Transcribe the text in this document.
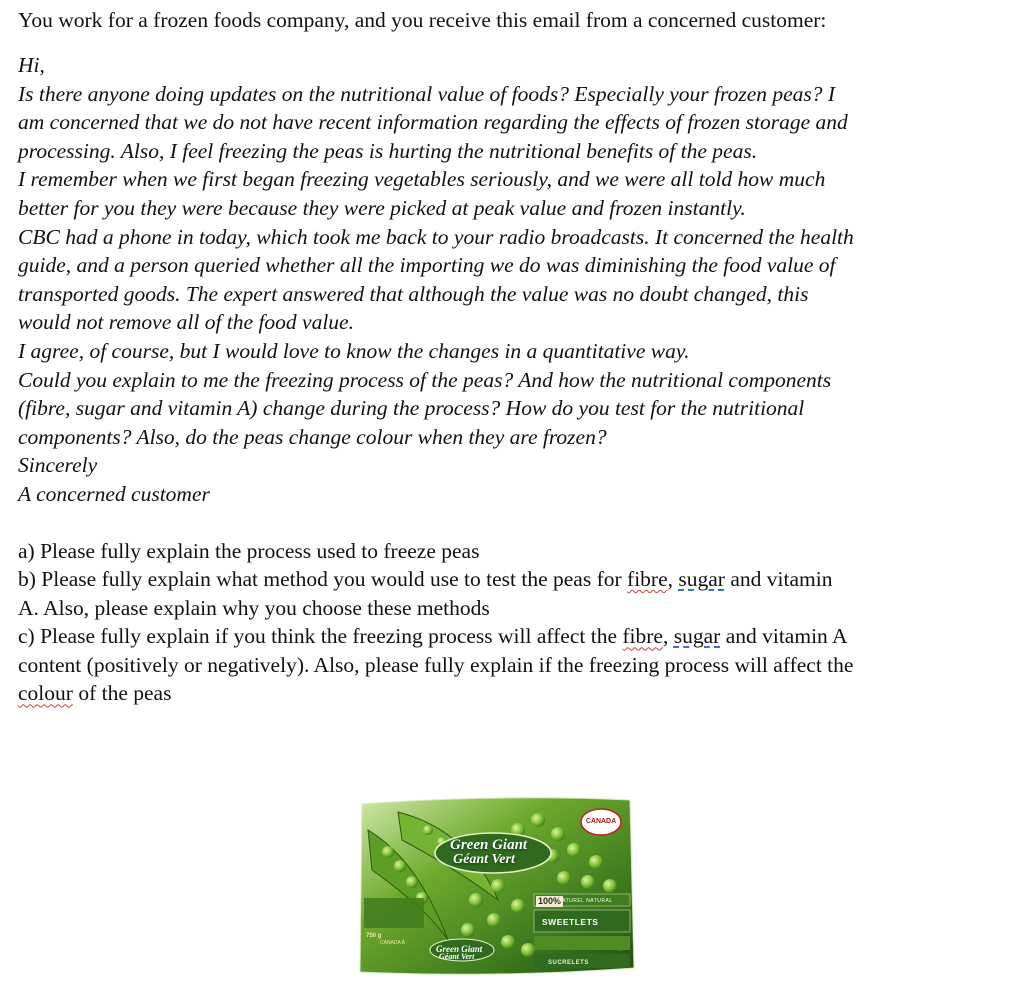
You work for a frozen foods company, and you receive this email from a concerned customer:

Hi,
Is there anyone doing updates on the nutritional value of foods? Especially your frozen peas? I
am concerned that we do not have recent information regarding the effects of frozen storage and
processing. Also, I feel freezing the peas is hurting the nutritional benefits of the peas.
I remember when we first began freezing vegetables seriously, and we were all told how much
better for you they were because they were picked at peak value and frozen instantly.
CBC had a phone in today, which took me back to your radio broadcasts. It concerned the health
guide, and a person queried whether all the importing we do was diminishing the food value of
transported goods. The expert answered that although the value was no doubt changed, this
would not remove all of the food value.
I agree, of course, but I would love to know the changes in a quantitative way.
Could you explain to me the freezing process of the peas? And how the nutritional components
(fibre, sugar and vitamin A) change during the process? How do you test for the nutritional
components? Also, do the peas change colour when they are frozen?
Sincerely
A concerned customer
a) Please fully explain the process used to freeze peas
b) Please fully explain what method you would use to test the peas for fibre, sugar and vitamin
A. Also, please explain why you choose these methods
c) Please fully explain if you think the freezing process will affect the fibre, sugar and vitamin A
content (positively or negatively). Also, please fully explain if the freezing process will affect the
colour of the peas
Green Giant
Géant Vert
CANADA
100%
NATUREL NATURAL
SWEETLETS
Green Giant
Géant Vert
750 g
CANADA A
SUCRELETS
